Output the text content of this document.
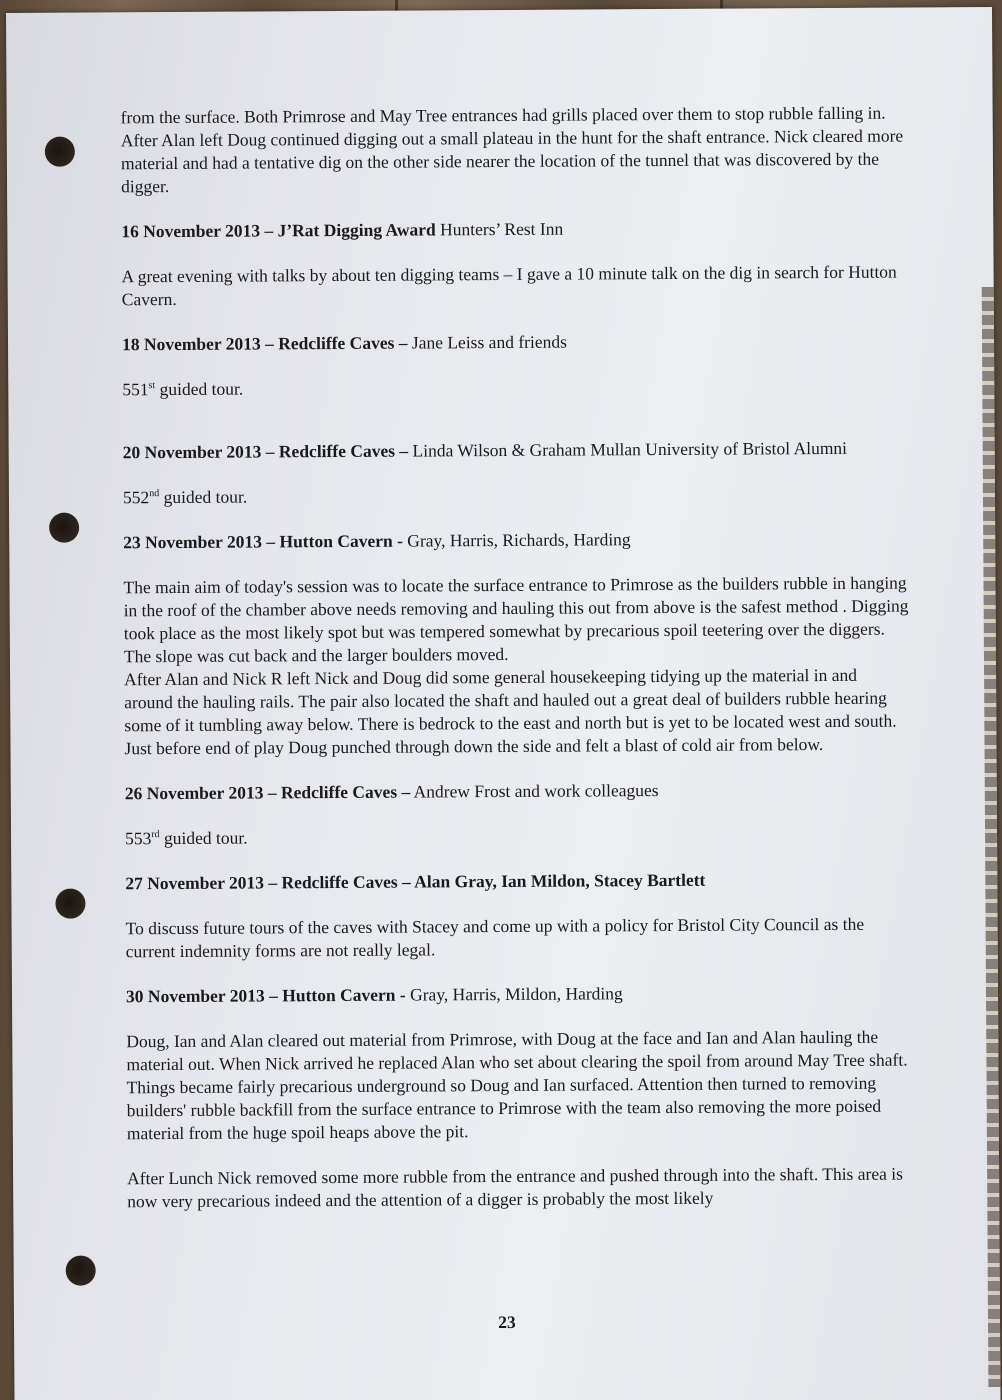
from the surface. Both Primrose and May Tree entrances had grills placed over them to stop rubble falling in. After Alan left Doug continued digging out a small plateau in the hunt for the shaft entrance. Nick cleared more material and had a tentative dig on the other side nearer the location of the tunnel that was discovered by the digger.

16 November 2013 – J’Rat Digging Award Hunters’ Rest Inn

A great evening with talks by about ten digging teams – I gave a 10 minute talk on the dig in search for Hutton Cavern.

18 November 2013 – Redcliffe Caves – Jane Leiss and friends

551st guided tour.

20 November 2013 – Redcliffe Caves – Linda Wilson & Graham Mullan University of Bristol Alumni

552nd guided tour.

23 November 2013 – Hutton Cavern - Gray, Harris, Richards, Harding

The main aim of today's session was to locate the surface entrance to Primrose as the builders rubble in hanging in the roof of the chamber above needs removing and hauling this out from above is the safest method . Digging took place as the most likely spot but was tempered somewhat by precarious spoil teetering over the diggers. The slope was cut back and the larger boulders moved.

After Alan and Nick R left Nick and Doug did some general housekeeping tidying up the material in and around the hauling rails. The pair also located the shaft and hauled out a great deal of builders rubble hearing some of it tumbling away below. There is bedrock to the east and north but is yet to be located west and south. Just before end of play Doug punched through down the side and felt a blast of cold air from below.

26 November 2013 – Redcliffe Caves – Andrew Frost and work colleagues

553rd guided tour.

27 November 2013 – Redcliffe Caves – Alan Gray, Ian Mildon, Stacey Bartlett

To discuss future tours of the caves with Stacey and come up with a policy for Bristol City Council as the current indemnity forms are not really legal.

30 November 2013 – Hutton Cavern - Gray, Harris, Mildon, Harding

Doug, Ian and Alan cleared out material from Primrose, with Doug at the face and Ian and Alan hauling the material out. When Nick arrived he replaced Alan who set about clearing the spoil from around May Tree shaft. Things became fairly precarious underground so Doug and Ian surfaced. Attention then turned to removing builders' rubble backfill from the surface entrance to Primrose with the team also removing the more poised material from the huge spoil heaps above the pit.

After Lunch Nick removed some more rubble from the entrance and pushed through into the shaft. This area is now very precarious indeed and the attention of a digger is probably the most likely

23
